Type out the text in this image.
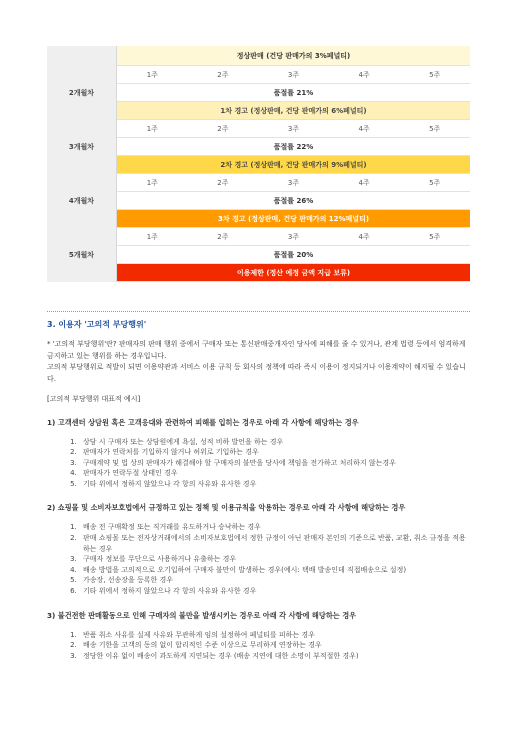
정상판매 (건당 판매가의 3%페널티)
2개월차
1주	2주	3주	4주	5주
품절률 21%
1차 경고 (정상판매, 건당 판매가의 6%페널티)
3개월차
1주	2주	3주	4주	5주
품절률 22%
2차 경고 (정상판매, 건당 판매가의 9%페널티)
4개월차
1주	2주	3주	4주	5주
품절률 26%
3차 경고 (정상판매, 건당 판매가의 12%페널티)
5개월차
1주	2주	3주	4주	5주
품절률 20%
이용제한 (정산 예정 금액 지급 보류)

3. 이용자 '고의적 부당행위'

* '고의적 부당행위'란? 판매자의 판매 행위 중에서 구매자 또는 통신판매중개자인 당사에 피해를 줄 수 있거나, 관계 법령 등에서 엄격하게 금지하고 있는 행위를 하는 경우입니다.

고의적 부당행위로 적발이 되면 이용약관과 서비스 이용 규칙 등 회사의 정책에 따라 즉시 이용이 정지되거나 이용계약이 해지될 수 있습니다.

[고의적 부당행위 대표적 예시]

1) 고객센터 상담원 혹은 고객응대와 관련하여 피해를 입히는 경우로 아래 각 사항에 해당하는 경우

1. 상담 시 구매자 또는 상담원에게 욕설, 성적 비하 발언을 하는 경우
2. 판매자가 연락처를 기입하지 않거나 허위로 기입하는 경우
3. 구매계약 및 법 상의 판매자가 해결해야 할 구매자의 불만을 당사에 책임을 전가하고 처리하지 않는경우
4. 판매자가 연락두절 상태인 경우
5. 기타 위에서 정하지 않았으나 각 항의 사유와 유사한 경우

2) 쇼핑몰 및 소비자보호법에서 규정하고 있는 정책 및 이용규칙을 악용하는 경우로 아래 각 사항에 해당하는 경우

1. 배송 전 구매확정 또는 직거래를 유도하거나 승낙하는 경우
2. 판매 쇼핑몰 또는 전자상거래에서의 소비자보호법에서 정한 규정이 아닌 판매자 본인의 기준으로 반품, 교환, 취소 규정을 적용하는 경우
3. 구매자 정보를 무단으로 사용하거나 유출하는 경우
4. 배송 방법을 고의적으로 오기입하여 구매자 불만이 발생하는 경우(예시: 택배 발송인데 직접배송으로 설정)
5. 가송장, 선송장을 등록한 경우
6. 기타 위에서 정하지 않았으나 각 항의 사유와 유사한 경우

3) 불건전한 판매활동으로 인해 구매자의 불만을 발생시키는 경우로 아래 각 사항에 해당하는 경우

1. 반품 취소 사유를 실제 사유와 무관하게 임의 설정하여 페널티를 피하는 경우
2. 배송 기한을 고객의 동의 없이 합리적인 수준 이상으로 무리하게 연장하는 경우
3. 정당한 이유 없이 배송이 과도하게 지연되는 경우 (배송 지연에 대한 소명이 부적절한 경우)
